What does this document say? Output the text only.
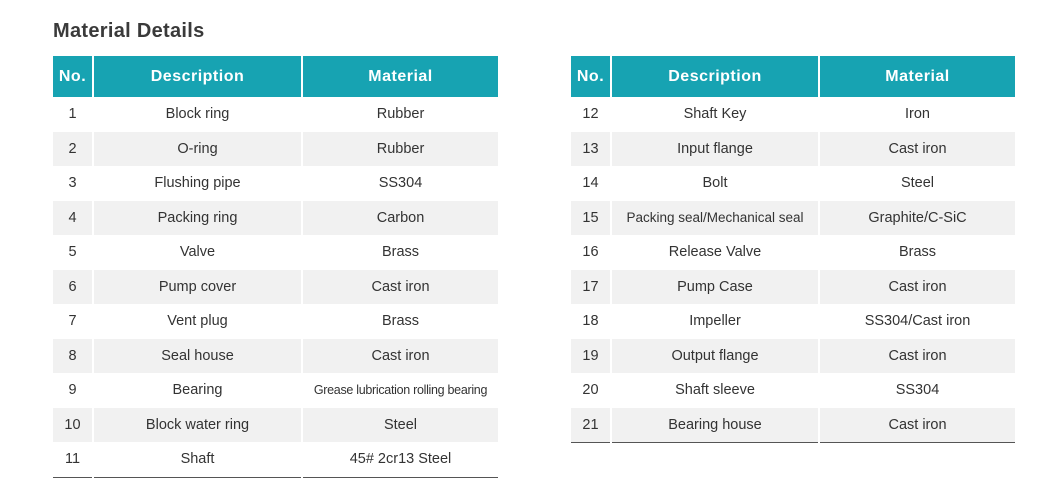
Material Details
No.	Description	Material
1	Block ring	Rubber
2	O-ring	Rubber
3	Flushing pipe	SS304
4	Packing ring	Carbon
5	Valve	Brass
6	Pump cover	Cast iron
7	Vent plug	Brass
8	Seal house	Cast iron
9	Bearing	Grease lubrication rolling bearing
10	Block water ring	Steel
11	Shaft	45# 2cr13 Steel
No.	Description	Material
12	Shaft Key	Iron
13	Input flange	Cast iron
14	Bolt	Steel
15	Packing seal/Mechanical seal	Graphite/C-SiC
16	Release Valve	Brass
17	Pump Case	Cast iron
18	Impeller	SS304/Cast iron
19	Output flange	Cast iron
20	Shaft sleeve	SS304
21	Bearing house	Cast iron
